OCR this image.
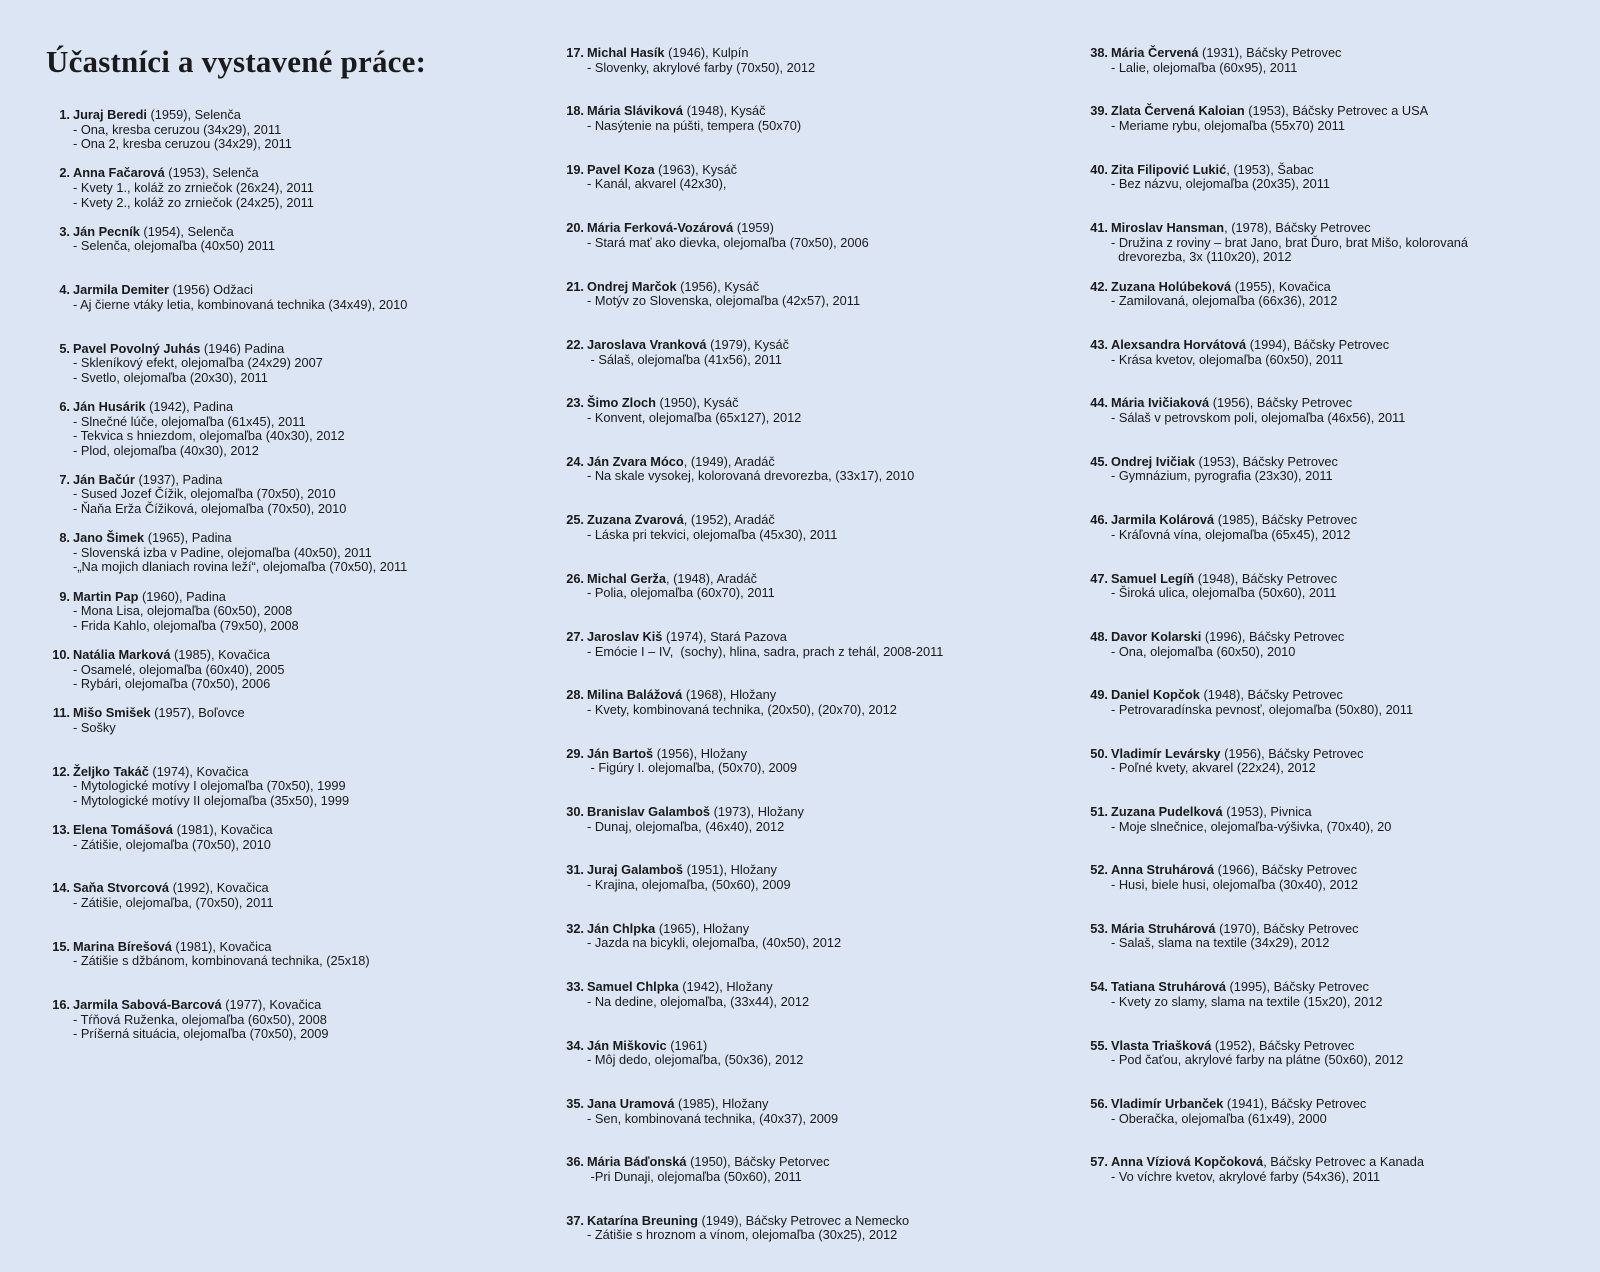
Účastníci a vystavené práce:
1. Juraj Beredi (1959), Selenča
- Ona, kresba ceruzou (34x29), 2011
- Ona 2, kresba ceruzou (34x29), 2011
2. Anna Fačarová (1953), Selenča
- Kvety 1., koláž zo zrniečok (26x24), 2011
- Kvety 2., koláž zo zrniečok (24x25), 2011
3. Ján Pecník (1954), Selenča
- Selenča, olejomaľba (40x50) 2011
4. Jarmila Demiter (1956) Odžaci
- Aj čierne vtáky letia, kombinovaná technika (34x49), 2010
5. Pavel Povolný Juhás (1946) Padina
- Skleníkový efekt, olejomaľba (24x29) 2007
- Svetlo, olejomaľba (20x30), 2011
6. Ján Husárik (1942), Padina
- Slnečné lúče, olejomaľba (61x45), 2011
- Tekvica s hniezdom, olejomaľba (40x30), 2012
- Plod, olejomaľba (40x30), 2012
7. Ján Bačúr (1937), Padina
- Sused Jozef Čížik, olejomaľba (70x50), 2010
- Ňaňa Erža Čížiková, olejomaľba (70x50), 2010
8. Jano Šimek (1965), Padina
- Slovenská izba v Padine, olejomaľba (40x50), 2011
-„Na mojich dlaniach rovina leží“, olejomaľba (70x50), 2011
9. Martin Pap (1960), Padina
- Mona Lisa, olejomaľba (60x50), 2008
- Frida Kahlo, olejomaľba (79x50), 2008
10. Natália Marková (1985), Kovačica
- Osamelé, olejomaľba (60x40), 2005
- Rybári, olejomaľba (70x50), 2006
11. Mišo Smišek (1957), Boľovce
- Sošky
12. Željko Takáč (1974), Kovačica
- Mytologické motívy I olejomaľba (70x50), 1999
- Mytologické motívy II olejomaľba (35x50), 1999
13. Elena Tomášová (1981), Kovačica
- Zátišie, olejomaľba (70x50), 2010
14. Saňa Stvorcová (1992), Kovačica
- Zátišie, olejomaľba, (70x50), 2011
15. Marina Bírešová (1981), Kovačica
- Zátišie s džbánom, kombinovaná technika, (25x18)
16. Jarmila Sabová-Barcová (1977), Kovačica
- Tŕňová Ruženka, olejomaľba (60x50), 2008
- Príšerná situácia, olejomaľba (70x50), 2009
17. Michal Hasík (1946), Kulpín
- Slovenky, akrylové farby (70x50), 2012
18. Mária Sláviková (1948), Kysáč
- Nasýtenie na púšti, tempera (50x70)
19. Pavel Koza (1963), Kysáč
- Kanál, akvarel (42x30),
20. Mária Ferková-Vozárová (1959)
- Stará mať ako dievka, olejomaľba (70x50), 2006
21. Ondrej Marčok (1956), Kysáč
- Motýv zo Slovenska, olejomaľba (42x57), 2011
22. Jaroslava Vranková (1979), Kysáč
- Sálaš, olejomaľba (41x56), 2011
23. Šimo Zloch (1950), Kysáč
- Konvent, olejomaľba (65x127), 2012
24. Ján Zvara Móco, (1949), Aradáč
- Na skale vysokej, kolorovaná drevorezba, (33x17), 2010
25. Zuzana Zvarová, (1952), Aradáč
- Láska pri tekvici, olejomaľba (45x30), 2011
26. Michal Gerža, (1948), Aradáč
- Polia, olejomaľba (60x70), 2011
27. Jaroslav Kiš (1974), Stará Pazova
- Emócie I – IV,  (sochy), hlina, sadra, prach z tehál, 2008-2011
28. Milina Balážová (1968), Hložany
- Kvety, kombinovaná technika, (20x50), (20x70), 2012
29. Ján Bartoš (1956), Hložany
- Figúry I. olejomaľba, (50x70), 2009
30. Branislav Galamboš (1973), Hložany
- Dunaj, olejomaľba, (46x40), 2012
31. Juraj Galamboš (1951), Hložany
- Krajina, olejomaľba, (50x60), 2009
32. Ján Chlpka (1965), Hložany
- Jazda na bicykli, olejomaľba, (40x50), 2012
33. Samuel Chlpka (1942), Hložany
- Na dedine, olejomaľba, (33x44), 2012
34. Ján Miškovic (1961)
- Môj dedo, olejomaľba, (50x36), 2012
35. Jana Uramová (1985), Hložany
- Sen, kombinovaná technika, (40x37), 2009
36. Mária Báďonská (1950), Báčsky Petorvec
-Pri Dunaji, olejomaľba (50x60), 2011
37. Katarína Breuning (1949), Báčsky Petrovec a Nemecko
- Zátišie s hroznom a vínom, olejomaľba (30x25), 2012
38. Mária Červená (1931), Báčsky Petrovec
- Lalie, olejomaľba (60x95), 2011
39. Zlata Červená Kaloian (1953), Báčsky Petrovec a USA
- Meriame rybu, olejomaľba (55x70) 2011
40. Zita Filipović Lukić, (1953), Šabac
- Bez názvu, olejomaľba (20x35), 2011
41. Miroslav Hansman, (1978), Báčsky Petrovec
- Družina z roviny – brat Jano, brat Ďuro, brat Mišo, kolorovaná
drevorezba, 3x (110x20), 2012
42. Zuzana Holúbeková (1955), Kovačica
- Zamilovaná, olejomaľba (66x36), 2012
43. Alexsandra Horvátová (1994), Báčsky Petrovec
- Krása kvetov, olejomaľba (60x50), 2011
44. Mária Ivičiaková (1956), Báčsky Petrovec
- Sálaš v petrovskom poli, olejomaľba (46x56), 2011
45. Ondrej Ivičiak (1953), Báčsky Petrovec
- Gymnázium, pyrografia (23x30), 2011
46. Jarmila Kolárová (1985), Báčsky Petrovec
- Kráľovná vína, olejomaľba (65x45), 2012
47. Samuel Legíň (1948), Báčsky Petrovec
- Široká ulica, olejomaľba (50x60), 2011
48. Davor Kolarski (1996), Báčsky Petrovec
- Ona, olejomaľba (60x50), 2010
49. Daniel Kopčok (1948), Báčsky Petrovec
- Petrovaradínska pevnosť, olejomaľba (50x80), 2011
50. Vladimír Levársky (1956), Báčsky Petrovec
- Poľné kvety, akvarel (22x24), 2012
51. Zuzana Pudelková (1953), Pivnica
- Moje slnečnice, olejomaľba-výšivka, (70x40), 20
52. Anna Struhárová (1966), Báčsky Petrovec
- Husi, biele husi, olejomaľba (30x40), 2012
53. Mária Struhárová (1970), Báčsky Petrovec
- Salaš, slama na textile (34x29), 2012
54. Tatiana Struhárová (1995), Báčsky Petrovec
- Kvety zo slamy, slama na textile (15x20), 2012
55. Vlasta Triašková (1952), Báčsky Petrovec
- Pod čaťou, akrylové farby na plátne (50x60), 2012
56. Vladimír Urbanček (1941), Báčsky Petrovec
- Oberačka, olejomaľba (61x49), 2000
57. Anna Víziová Kopčoková, Báčsky Petrovec a Kanada
- Vo víchre kvetov, akrylové farby (54x36), 2011
